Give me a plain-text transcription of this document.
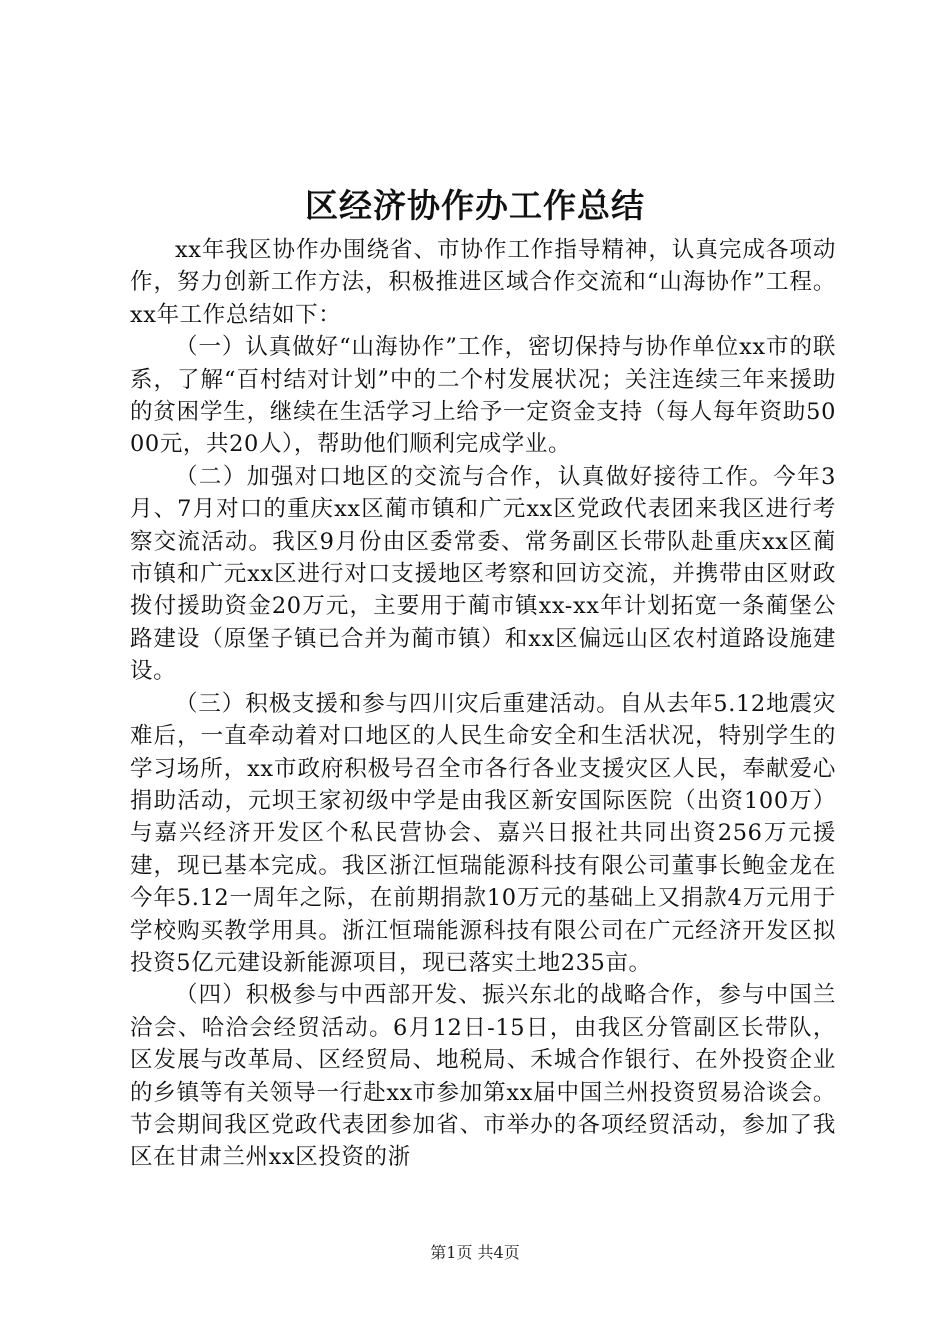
区经济协作办工作总结

xx年我区协作办围绕省、市协作工作指导精神，认真完成各项动作，努力创新工作方法，积极推进区域合作交流和“山海协作”工程。xx年工作总结如下：

（一）认真做好“山海协作”工作，密切保持与协作单位xx市的联系，了解“百村结对计划”中的二个村发展状况；关注连续三年来援助的贫困学生，继续在生活学习上给予一定资金支持（每人每年资助5000元，共20人），帮助他们顺利完成学业。

（二）加强对口地区的交流与合作，认真做好接待工作。今年3月、7月对口的重庆xx区蔺市镇和广元xx区党政代表团来我区进行考察交流活动。我区9月份由区委常委、常务副区长带队赴重庆xx区蔺市镇和广元xx区进行对口支援地区考察和回访交流，并携带由区财政拨付援助资金20万元，主要用于蔺市镇xx-xx年计划拓宽一条蔺堡公路建设（原堡子镇已合并为蔺市镇）和xx区偏远山区农村道路设施建设。

（三）积极支援和参与四川灾后重建活动。自从去年5.12地震灾难后，一直牵动着对口地区的人民生命安全和生活状况，特别学生的学习场所，xx市政府积极号召全市各行各业支援灾区人民，奉献爱心捐助活动，元坝王家初级中学是由我区新安国际医院（出资100万）与嘉兴经济开发区个私民营协会、嘉兴日报社共同出资256万元援建，现已基本完成。我区浙江恒瑞能源科技有限公司董事长鲍金龙在今年5.12一周年之际，在前期捐款10万元的基础上又捐款4万元用于学校购买教学用具。浙江恒瑞能源科技有限公司在广元经济开发区拟投资5亿元建设新能源项目，现已落实土地235亩。

（四）积极参与中西部开发、振兴东北的战略合作，参与中国兰洽会、哈洽会经贸活动。6月12日-15日，由我区分管副区长带队，区发展与改革局、区经贸局、地税局、禾城合作银行、在外投资企业的乡镇等有关领导一行赴xx市参加第xx届中国兰州投资贸易洽谈会。节会期间我区党政代表团参加省、市举办的各项经贸活动，参加了我区在甘肃兰州xx区投资的浙

第1页 共4页
